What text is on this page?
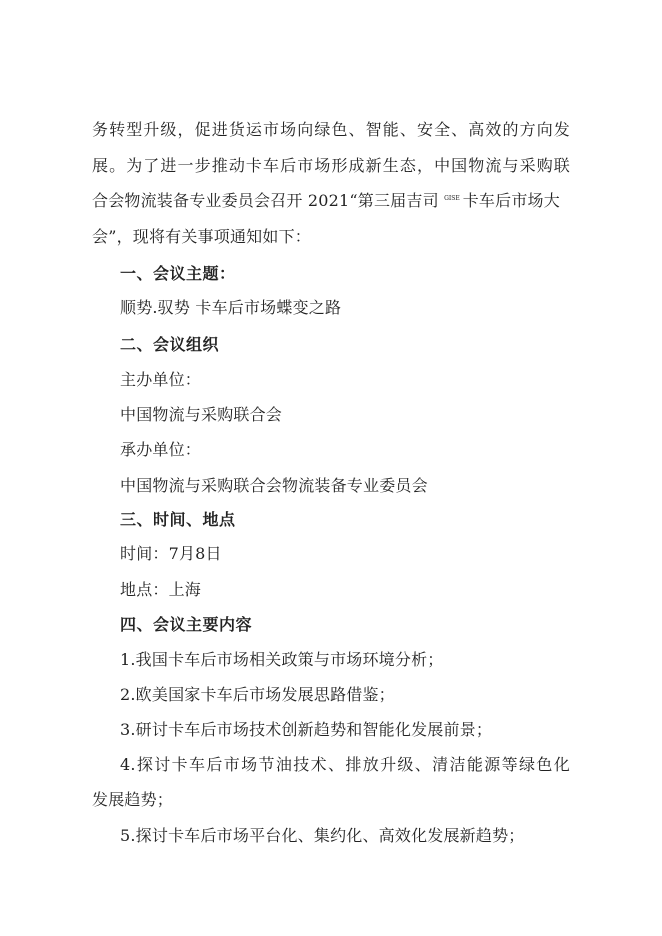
务转型升级，促进货运市场向绿色、智能、安全、高效的方向发
展。为了进一步推动卡车后市场形成新生态，中国物流与采购联
合会物流装备专业委员会召开 2021“第三届吉司 $^{GISE}$ 卡车后市场大
会”，现将有关事项通知如下：
一、会议主题：
顺势.驭势 卡车后市场蝶变之路
二、会议组织
主办单位：
中国物流与采购联合会
承办单位：
中国物流与采购联合会物流装备专业委员会
三、时间、地点
时间：7月8日
地点：上海
四、会议主要内容
1.我国卡车后市场相关政策与市场环境分析；
2.欧美国家卡车后市场发展思路借鉴；
3.研讨卡车后市场技术创新趋势和智能化发展前景；
4.探讨卡车后市场节油技术、排放升级、清洁能源等绿色化
发展趋势；
5.探讨卡车后市场平台化、集约化、高效化发展新趋势；
